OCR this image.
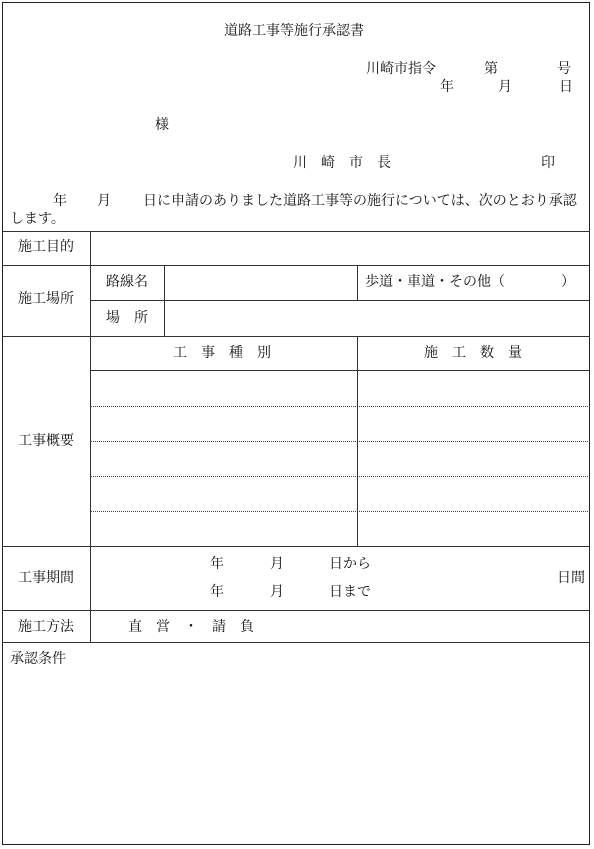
道路工事等施行承認書
川崎市指令	第	号
年	月	日
様
川　崎　市　長	印
年 月 日に申請のありました道路工事等の施行については、次のとおり承認
します。
施工目的
施工場所
路線名	歩道・車道・その他（　　　　）
場　所
工事概要
工　事　種　別	施　工　数　量
工事期間
年	月	日から
年	月	日まで
日間
施工方法	直　営　・　請　負
承認条件
